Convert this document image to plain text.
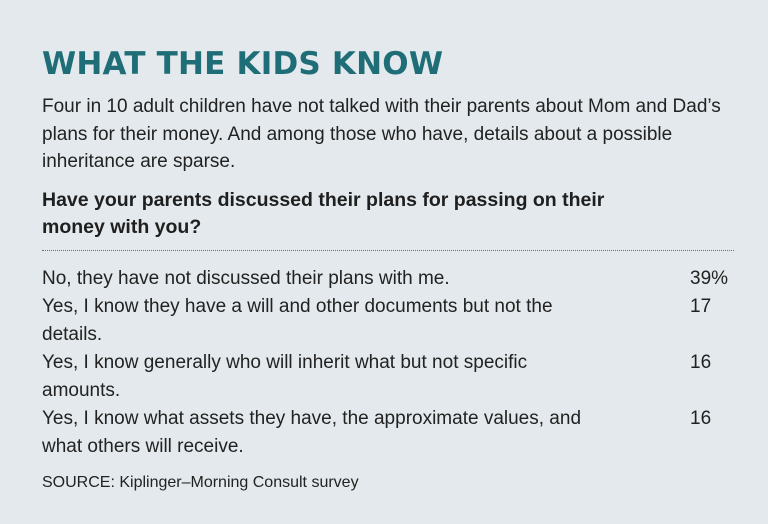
WHAT THE KIDS KNOW
Four in 10 adult children have not talked with their parents about Mom and Dad’s plans for their money. And among those who have, details about a possible inheritance are sparse.
Have your parents discussed their plans for passing on their money with you?
No, they have not discussed their plans with me.	39%
Yes, I know they have a will and other documents but not the details.
17
Yes, I know generally who will inherit what but not specific amounts.
16
Yes, I know what assets they have, the approximate values, and what others will receive.
16
SOURCE: Kiplinger–Morning Consult survey
